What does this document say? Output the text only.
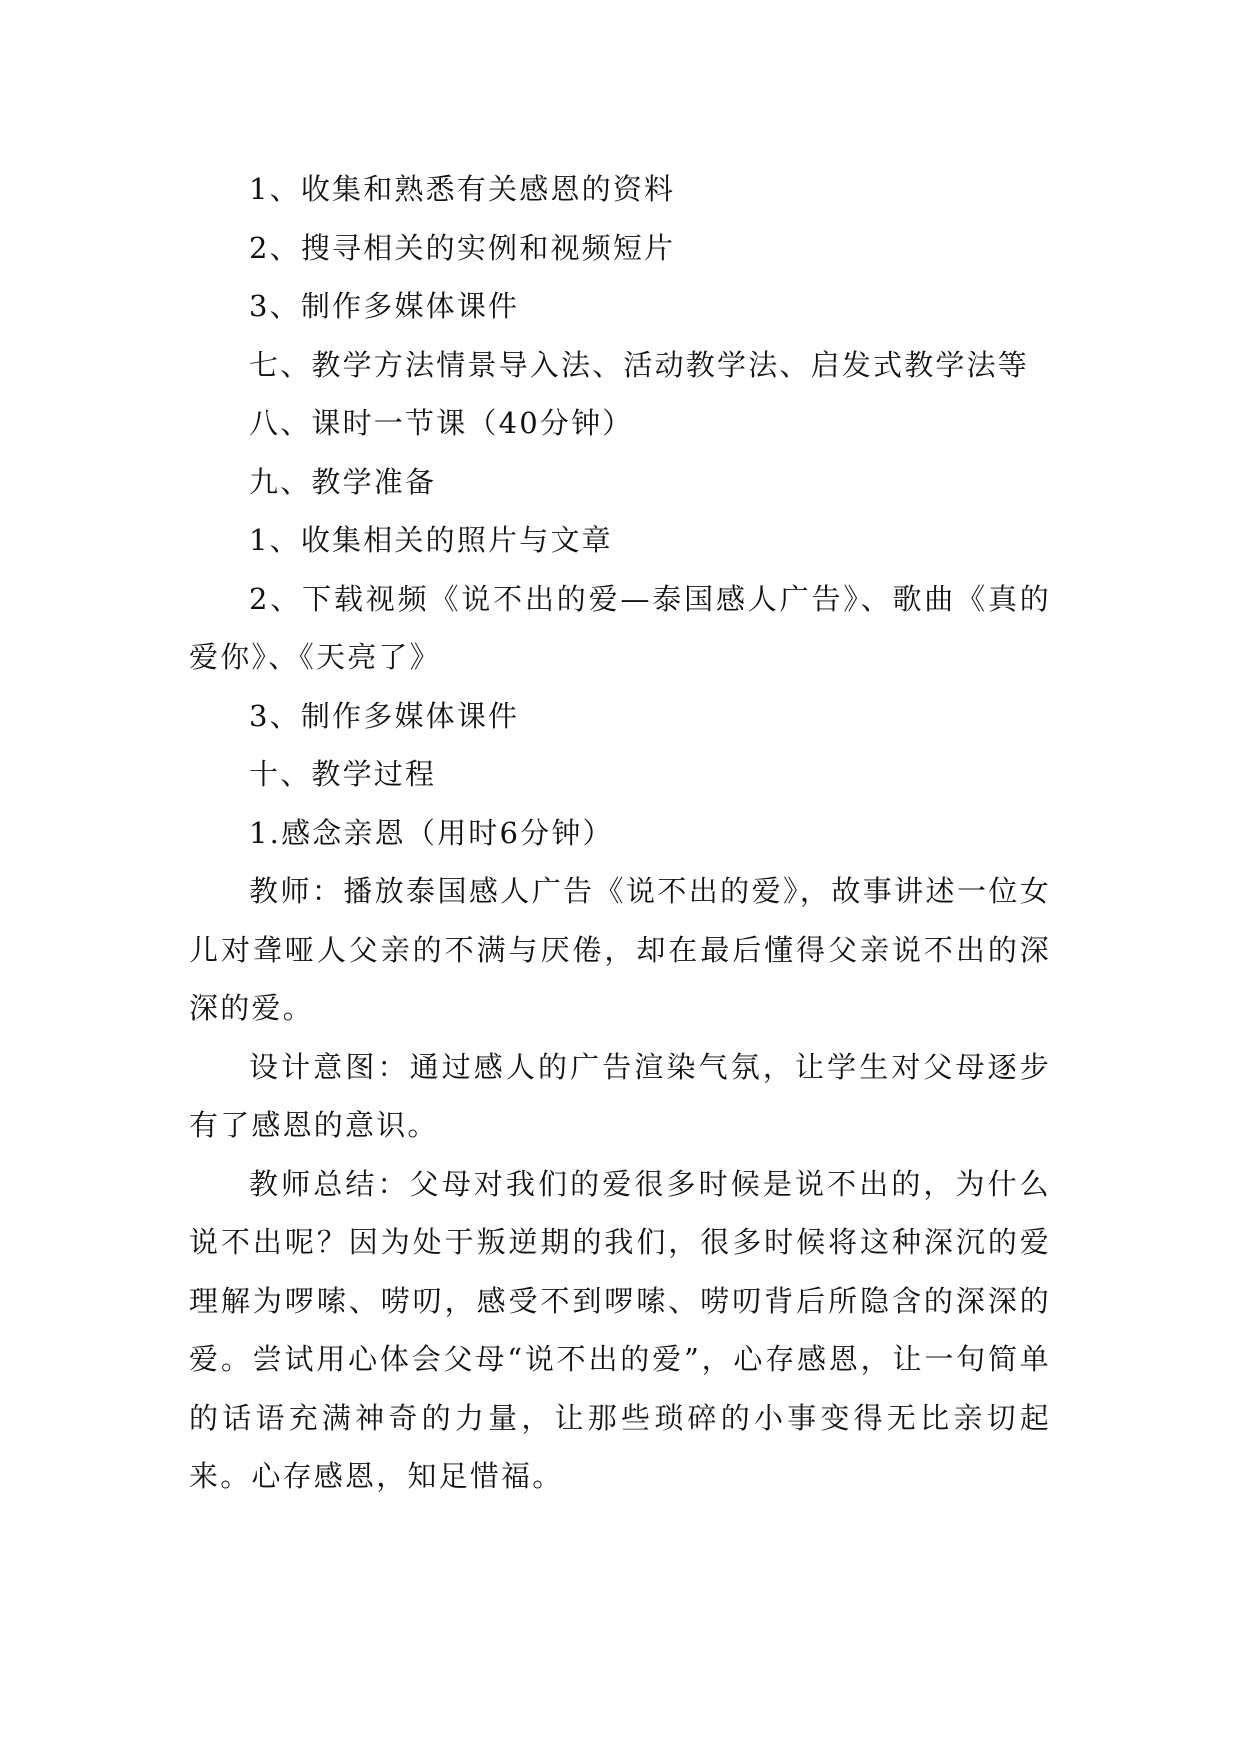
1、收集和熟悉有关感恩的资料

2、搜寻相关的实例和视频短片

3、制作多媒体课件

七、教学方法情景导入法、活动教学法、启发式教学法等

八、课时一节课（40分钟）

九、教学准备

1、收集相关的照片与文章

2、下载视频《说不出的爱—泰国感人广告》、歌曲《真的爱你》、《天亮了》

3、制作多媒体课件

十、教学过程

1.感念亲恩（用时6分钟）

教师：播放泰国感人广告《说不出的爱》，故事讲述一位女儿对聋哑人父亲的不满与厌倦，却在最后懂得父亲说不出的深深的爱。

设计意图：通过感人的广告渲染气氛，让学生对父母逐步有了感恩的意识。

教师总结：父母对我们的爱很多时候是说不出的，为什么说不出呢？因为处于叛逆期的我们，很多时候将这种深沉的爱理解为啰嗦、唠叨，感受不到啰嗦、唠叨背后所隐含的深深的爱。尝试用心体会父母“说不出的爱”，心存感恩，让一句简单的话语充满神奇的力量，让那些琐碎的小事变得无比亲切起来。心存感恩，知足惜福。
